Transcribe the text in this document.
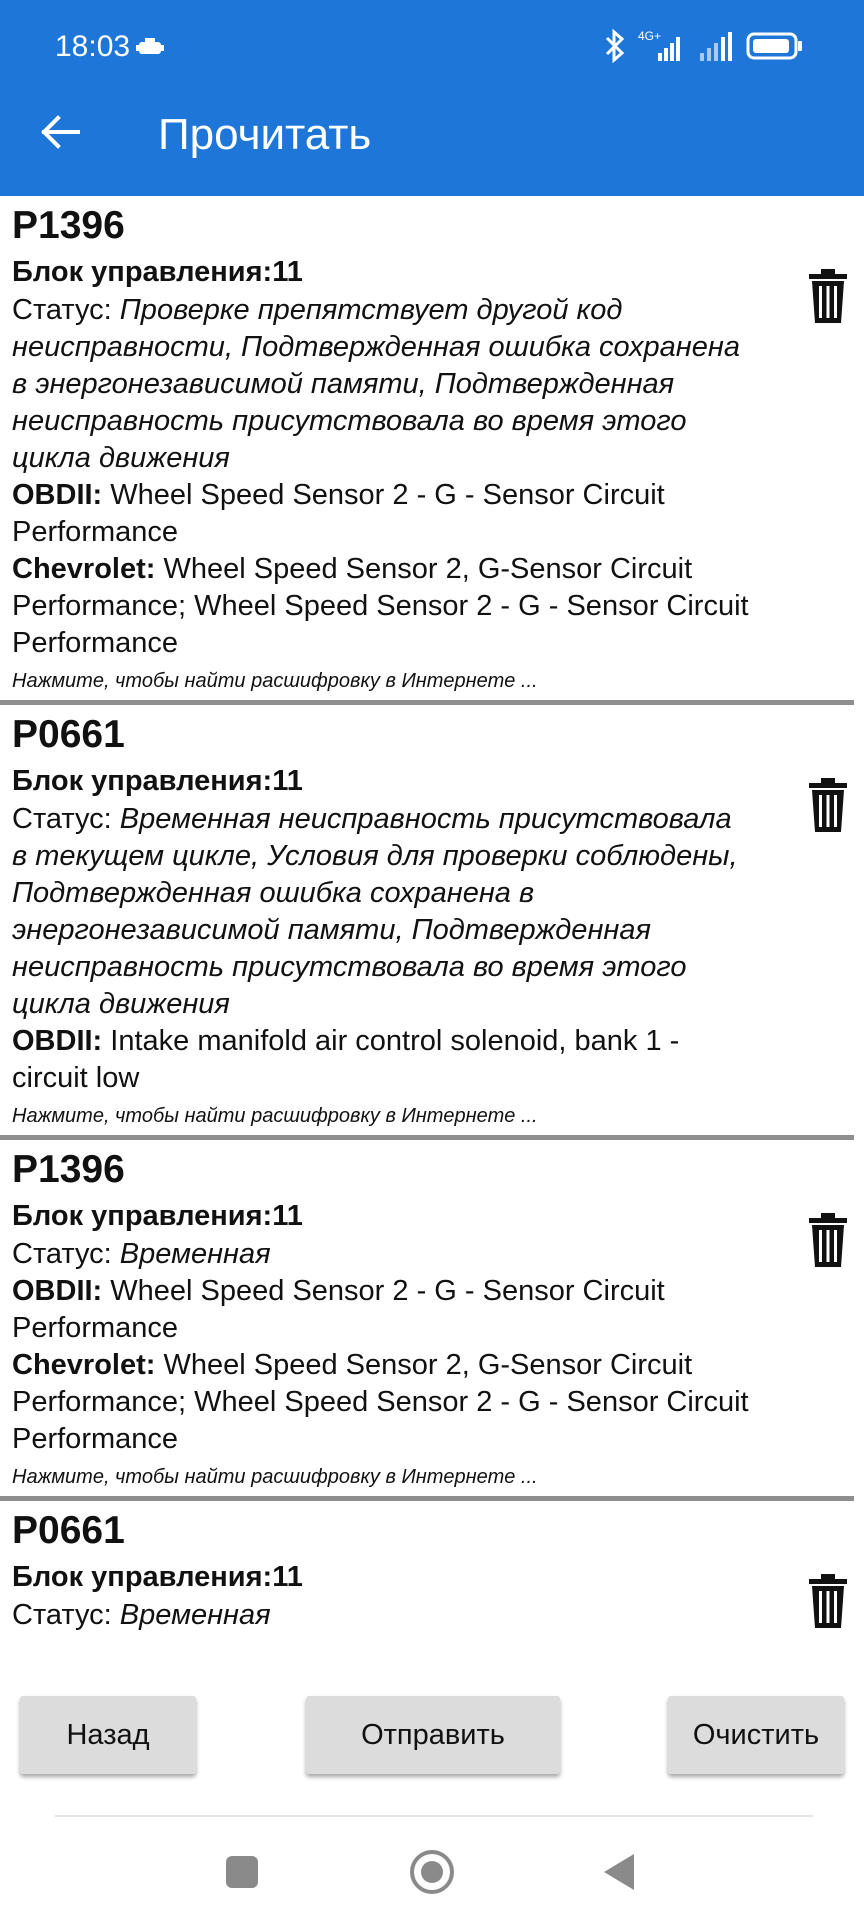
18:03	4G+
Прочитать
P1396
Блок управления:11
Статус: Проверке препятствует другой код неисправности, Подтвержденная ошибка сохранена в энергонезависимой памяти, Подтвержденная неисправность присутствовала во время этого цикла движения
OBDII: Wheel Speed Sensor 2 - G - Sensor Circuit Performance
Chevrolet: Wheel Speed Sensor 2, G-Sensor Circuit Performance; Wheel Speed Sensor 2 - G - Sensor Circuit Performance
Нажмите, чтобы найти расшифровку в Интернете ...
P0661
Блок управления:11
Статус: Временная неисправность присутствовала в текущем цикле, Условия для проверки соблюдены, Подтвержденная ошибка сохранена в энергонезависимой памяти, Подтвержденная неисправность присутствовала во время этого цикла движения
OBDII: Intake manifold air control solenoid, bank 1 - circuit low
Нажмите, чтобы найти расшифровку в Интернете ...
P1396
Блок управления:11
Статус: Временная
OBDII: Wheel Speed Sensor 2 - G - Sensor Circuit Performance
Chevrolet: Wheel Speed Sensor 2, G-Sensor Circuit Performance; Wheel Speed Sensor 2 - G - Sensor Circuit Performance
Нажмите, чтобы найти расшифровку в Интернете ...
P0661
Блок управления:11
Статус: Временная
Назад	Отправить	Очистить
